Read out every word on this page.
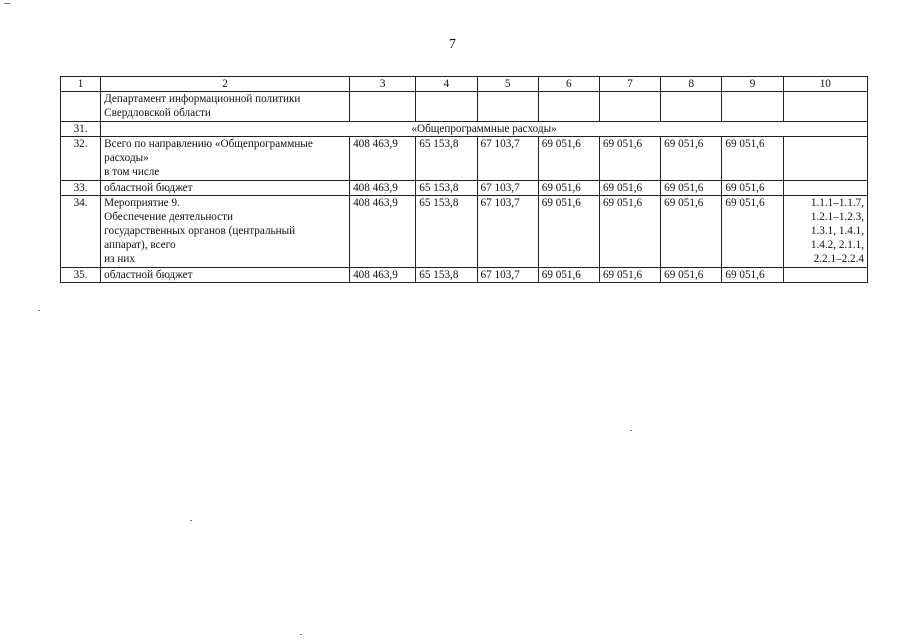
7
1	2	3	4	5	6	7	8	9	10
	Департамент информационной политики
Свердловской области								
31.	«Общепрограммные расходы»								
32.	Всего по направлению «Общепрограммные
расходы»
в том числе	408 463,9	65 153,8	67 103,7	69 051,6	69 051,6	69 051,6	69 051,6	
33.	областной бюджет	408 463,9	65 153,8	67 103,7	69 051,6	69 051,6	69 051,6	69 051,6	
34.	Мероприятие 9.
Обеспечение деятельности
государственных органов (центральный
аппарат), всего
из них	408 463,9	65 153,8	67 103,7	69 051,6	69 051,6	69 051,6	69 051,6	1.1.1–1.1.7,
1.2.1–1.2.3,
1.3.1, 1.4.1,
1.4.2, 2.1.1,
2.2.1–2.2.4
35.	областной бюджет	408 463,9	65 153,8	67 103,7	69 051,6	69 051,6	69 051,6	69 051,6	
